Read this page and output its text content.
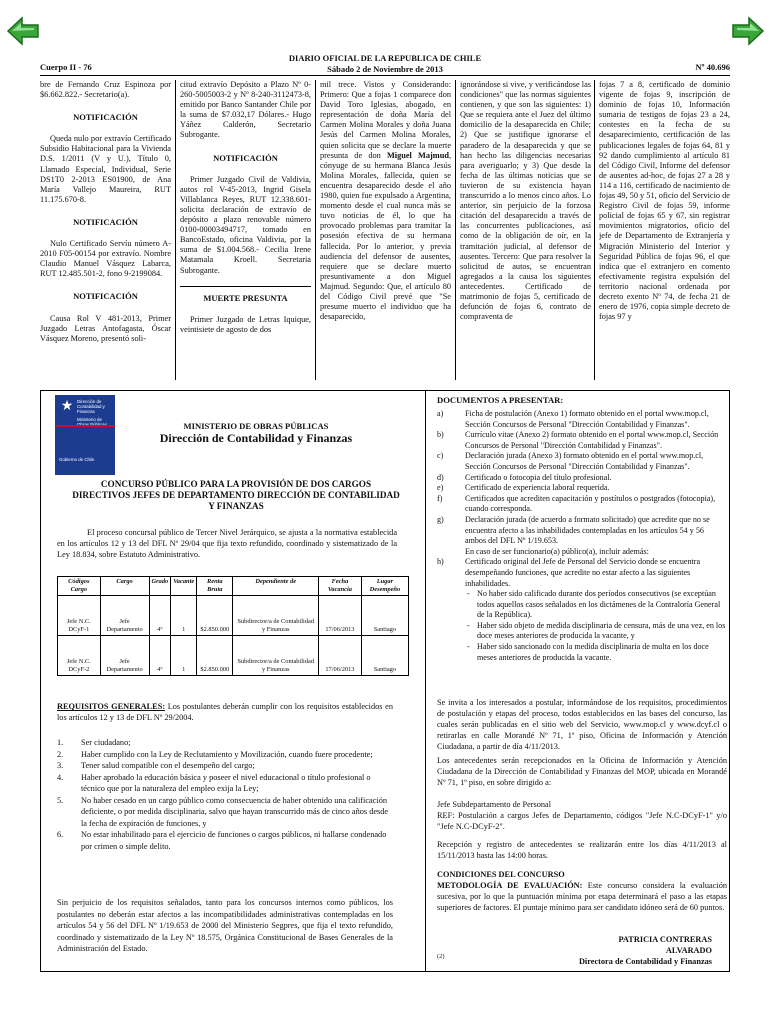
Cuerpo II - 76
DIARIO OFICIAL DE LA REPUBLICA DE CHILE
Sábado 2 de Noviembre de 2013	Nº 40.696

bre de Fernando Cruz Espinoza por $6.662.822.- Secretario(a).

NOTIFICACIÓN

Queda nulo por extravío Certificado Subsidio Habitacional para la Vivienda D.S. 1/2011 (V y U.), Título 0, Llamado Especial, Individual, Serie DS1T0 2-2013 ES01900, de Ana María Vallejo Maureira, RUT 11.175.670-8.

NOTIFICACIÓN

Nulo Certificado Servíu número A-2010 F05-00154 por extravío. Nombre Claudio Manuel Vásquez Labarca, RUT 12.485.501-2, fono 9-2199084.

NOTIFICACIÓN

Causa Rol V 481-2013, Primer Juzgado Letras Antofagasta, Óscar Vásquez Moreno, presentó soli-

citud extravío Depósito a Plazo Nº 0-260-5005003-2 y Nº 8-240-3112473-8, emitido por Banco Santander Chile por la suma de $7.032,17 Dólares.- Hugo Yáñez Calderón, Secretario Subrogante.

NOTIFICACIÓN

Primer Juzgado Civil de Valdivia, autos rol V-45-2013, Ingrid Gisela Villablanca Reyes, RUT 12.338.601- solicita declaración de extravío de depósito a plazo renovable número 0100-00003494717, tomado en BancoEstado, oficina Valdivia, por la suma de $1.004.568.- Cecilia Irene Matamala Kroell. Secretaria Subrogante.

MUERTE PRESUNTA

Primer Juzgado de Letras Iquique, veintisiete de agosto de dos

mil trece. Vistos y Considerando: Primero: Que a fojas 1 comparece don David Toro Iglesias, abogado, en representación de doña María del Carmen Molina Morales y doña Juana Jesús del Carmen Molina Morales, quien solicita que se declare la muerte presunta de don Miguel Majmud, cónyuge de su hermana Blanca Jesús Molina Morales, fallecida, quien se encuentra desaparecido desde el año 1980, quien fue expulsado a Argentina, momento desde el cual nunca más se tuvo noticias de él, lo que ha provocado problemas para tramitar la posesión efectiva de su hermana fallecida. Por lo anterior, y previa audiencia del defensor de ausentes, requiere que se declare muerto presuntivamente a don Miguel Majmud. Segundo: Que, el artículo 80 del Código Civil prevé que "Se presume muerto el individuo que ha desaparecido,

ignorándose si vive, y verificándose las condiciones" que las normas siguientes contienen, y que son las siguientes: 1) Que se requiera ante el Juez del último domicilio de la desaparecida en Chile; 2) Que se justifique ignorarse el paradero de la desaparecida y que se han hecho las diligencias necesarias para averiguarlo; y 3) Que desde la fecha de las últimas noticias que se tuvieron de su existencia hayan transcurrido a lo menos cinco años. Lo anterior, sin perjuicio de la forzosa citación del desaparecido a través de las concurrentes publicaciones, así como de la obligación de oír, en la tramitación judicial, al defensor de ausentes. Tercero: Que para resolver la solicitud de autos, se encuentran agregados a la causa los siguientes antecedentes. Certificado de matrimonio de fojas 5, certificado de defunción de fojas 6, contrato de compraventa de

fojas 7 a 8, certificado de dominio vigente de fojas 9, inscripción de dominio de fojas 10, Información sumaria de testigos de fojas 23 a 24, contestes en la fecha de su desaparecimiento, certificación de las publicaciones legales de fojas 64, 81 y 92 dando cumplimiento al artículo 81 del Código Civil, Informe del defensor de ausentes ad-hoc, de fojas 27 a 28 y 114 a 116, certificado de nacimiento de fojas 49, 50 y 51, oficio del Servicio de Registro Civil de fojas 59, informe policial de fojas 65 y 67, sin registrar movimientos migratorios, oficio del jefe de Departamento de Extranjería y Migración Ministerio del Interior y Seguridad Pública de fojas 96, el que indica que el extranjero en comento efectivamente registra expulsión del territorio nacional ordenada por decreto exento Nº 74, de fecha 21 de enero de 1976, copia simple decreto de fojas 97 y

★ Dirección de Contabilidad y Finanzas
Ministerio de
Gobierno de Chile
MINISTERIO DE OBRAS PÚBLICAS
Dirección de Contabilidad y Finanzas
CONCURSO PÚBLICO PARA LA PROVISIÓN DE DOS CARGOS DIRECTIVOS JEFES DE DEPARTAMENTO DIRECCIÓN DE CONTABILIDAD Y FINANZAS

El proceso concursal público de Tercer Nivel Jerárquico, se ajusta a la normativa establecida en los artículos 12 y 13 del DFL Nº 29/04 que fija texto refundido, coordinado y sistematizado de la Ley 18.834, sobre Estatuto Administrativo.

Códigos Cargo	Cargo	Grado	Vacante	Renta Bruta	Dependiente de	Fecha Vacancia	Lugar Desempeño
Jefe N.C. DCyF-1	Jefe Departamento	4º	1	$2.850.000	Subdirector/a de Contabilidad y Finanzas	17/06/2013	Santiago
Jefe N.C. DCyF-2	Jefe Departamento	4º	1	$2.850.000	Subdirector/a de Contabilidad y Finanzas	17/06/2013	Santiago

REQUISITOS GENERALES: Los postulantes deberán cumplir con los requisitos establecidos en los artículos 12 y 13 de DFL Nº 29/2004.

1.	Ser ciudadano;
2.	Haber cumplido con la Ley de Reclutamiento y Movilización, cuando fuere procedente;
3.	Tener salud compatible con el desempeño del cargo;
4.	Haber aprobado la educación básica y poseer el nivel educacional o título profesional o técnico que por la naturaleza del empleo exija la Ley;
5.	No haber cesado en un cargo público como consecuencia de haber obtenido una calificación deficiente, o por medida disciplinaria, salvo que hayan transcurrido más de cinco años desde la fecha de expiración de funciones, y
6.	No estar inhabilitado para el ejercicio de funciones o cargos públicos, ni hallarse condenado por crimen o simple delito.

Sin perjuicio de los requisitos señalados, tanto para los concursos internos como públicos, los postulantes no deberán estar afectos a las incompatibilidades administrativas contempladas en los artículos 54 y 56 del DFL Nº 1/19.653 de 2000 del Ministerio Segpres, que fija el texto refundido, coordinado y sistematizado de la Ley Nº 18.575, Orgánica Constitucional de Bases Generales de la Administración del Estado.

DOCUMENTOS A PRESENTAR:
a)	Ficha de postulación (Anexo 1) formato obtenido en el portal www.mop.cl, Sección Concursos de Personal "Dirección Contabilidad y Finanzas".
b)	Currículo vitae (Anexo 2) formato obtenido en el portal www.mop.cl, Sección Concursos de Personal "Dirección Contabilidad y Finanzas".
c)	Declaración jurada (Anexo 3) formato obtenido en el portal www.mop.cl, Sección Concursos de Personal "Dirección Contabilidad y Finanzas".
d)	Certificado o fotocopia del título profesional.
e)	Certificado de experiencia laboral requerida.
f)	Certificados que acrediten capacitación y postítulos o postgrados (fotocopia), cuando corresponda.
g)	Declaración jurada (de acuerdo a formato solicitado) que acredite que no se encuentra afecto a las inhabilidades contempladas en los artículos 54 y 56 ambos del DFL Nº 1/19.653.
En caso de ser funcionario(a) público(a), incluir además:
h)	Certificado original del Jefe de Personal del Servicio donde se encuentra desempeñando funciones, que acredite no estar afecto a las siguientes inhabilidades.
- No haber sido calificado durante dos períodos consecutivos (se exceptúan todos aquellos casos señalados en los dictámenes de la Contraloría General de la República).
- Haber sido objeto de medida disciplinaria de censura, más de una vez, en los doce meses anteriores de producida la vacante, y
- Haber sido sancionado con la medida disciplinaria de multa en los doce meses anteriores de producida la vacante.

Se invita a los interesados a postular, informándose de los requisitos, procedimientos de postulación y etapas del proceso, todos establecidos en las bases del concurso, las cuales serán publicadas en el sitio web del Servicio, www.mop.cl y www.dcyf.cl o retirarlas en calle Morandé Nº 71, 1º piso, Oficina de Información y Atención Ciudadana, a partir de día 4/11/2013.

Los antecedentes serán recepcionados en la Oficina de Información y Atención Ciudadana de la Dirección de Contabilidad y Finanzas del MOP, ubicada en Morandé Nº 71, 1º piso, en sobre dirigido a:

Jefe Subdepartamento de Personal

REF: Postulación a cargos Jefes de Departamento, códigos "Jefe N.C-DCyF-1" y/o "Jefe N.C-DCyF-2".

Recepción y registro de antecedentes se realizarán entre los días 4/11/2013 al 15/11/2013 hasta las 14:00 horas.

CONDICIONES DEL CONCURSO

METODOLOGÍA DE EVALUACIÓN: Este concurso considera la evaluación sucesiva, por lo que la puntuación mínima por etapa determinará el paso a las etapas superiores de factores. El puntaje mínimo para ser candidato idóneo será de 60 puntos.

PATRICIA CONTRERAS ALVARADO
Directora de Contabilidad y Finanzas
(2)
